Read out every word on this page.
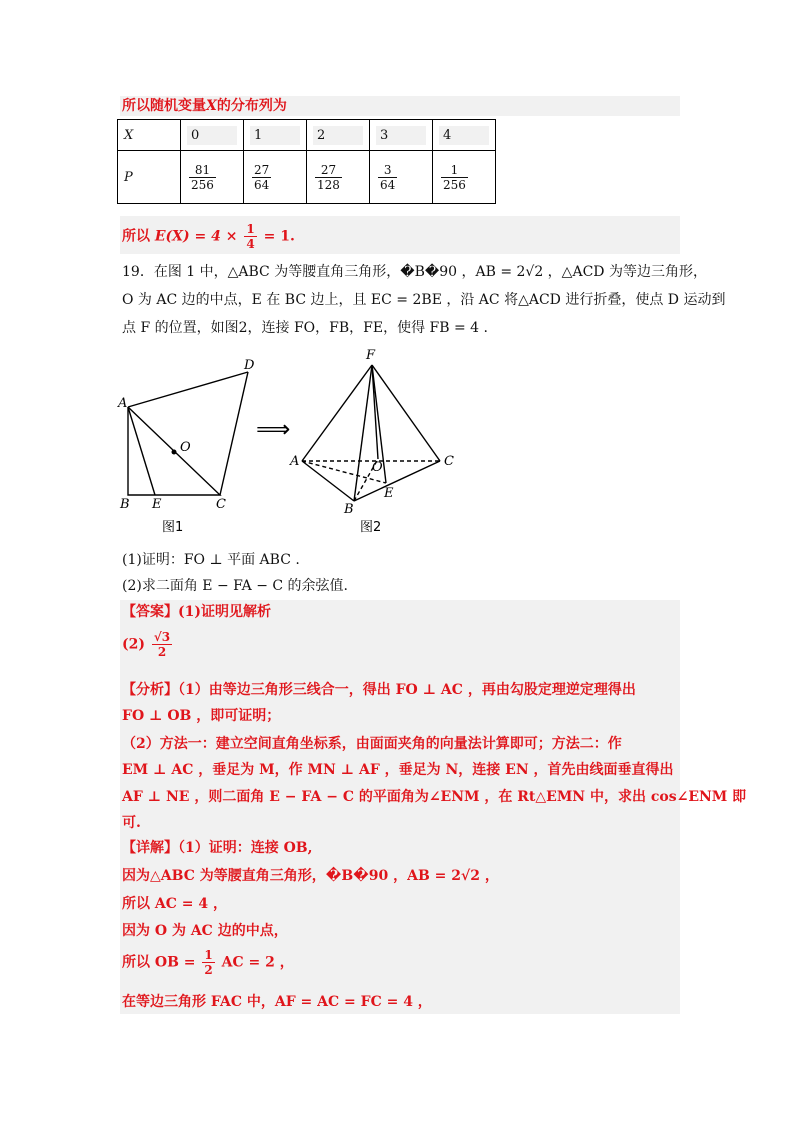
所以随机变量X的分布列为
X	0	1	2	3	4

P	$\frac{81}{256}$	$\frac{27}{64}$	$\frac{27}{128}$	$\frac{3}{64}$	$\frac{1}{256}$
所以 $E(X) = 4 \times \frac{1}{4} = 1$.
19．在图 1 中，△ABC 为等腰直角三角形，�B�90 ，AB = 2√2 ，△ACD 为等边三角形，
O 为 AC 边的中点，E 在 BC 边上，且 EC = 2BE ，沿 AC 将△ACD 进行折叠，使点 D 运动到
点 F 的位置，如图2，连接 FO，FB，FE，使得 FB = 4 .
A
D
O
B E	C
F
A	O	C
E
B
⟹
图1	图2
(1)证明：FO ⊥ 平面 ABC .
(2)求二面角 E − FA − C 的余弦值.
【答案】(1)证明见解析
$(2) \frac{√3}{2}$
【分析】（1）由等边三角形三线合一，得出 FO ⊥ AC ，再由勾股定理逆定理得出
FO ⊥ OB ，即可证明；
（2）方法一：建立空间直角坐标系，由面面夹角的向量法计算即可；方法二：作
EM ⊥ AC ，垂足为 M，作 MN ⊥ AF ，垂足为 N，连接 EN ，首先由线面垂直得出
AF ⊥ NE ，则二面角 E − FA − C 的平面角为∠ENM ，在 Rt△EMN 中，求出 cos∠ENM 即
可.
【详解】（1）证明：连接 OB,
因为△ABC 为等腰直角三角形，�B�90 ，AB = 2√2 ，
所以 AC = 4 ，
因为 O 为 AC 边的中点，
所以 OB = $\frac{1}{2}$ AC = 2 ，
在等边三角形 FAC 中，AF = AC = FC = 4 ，
